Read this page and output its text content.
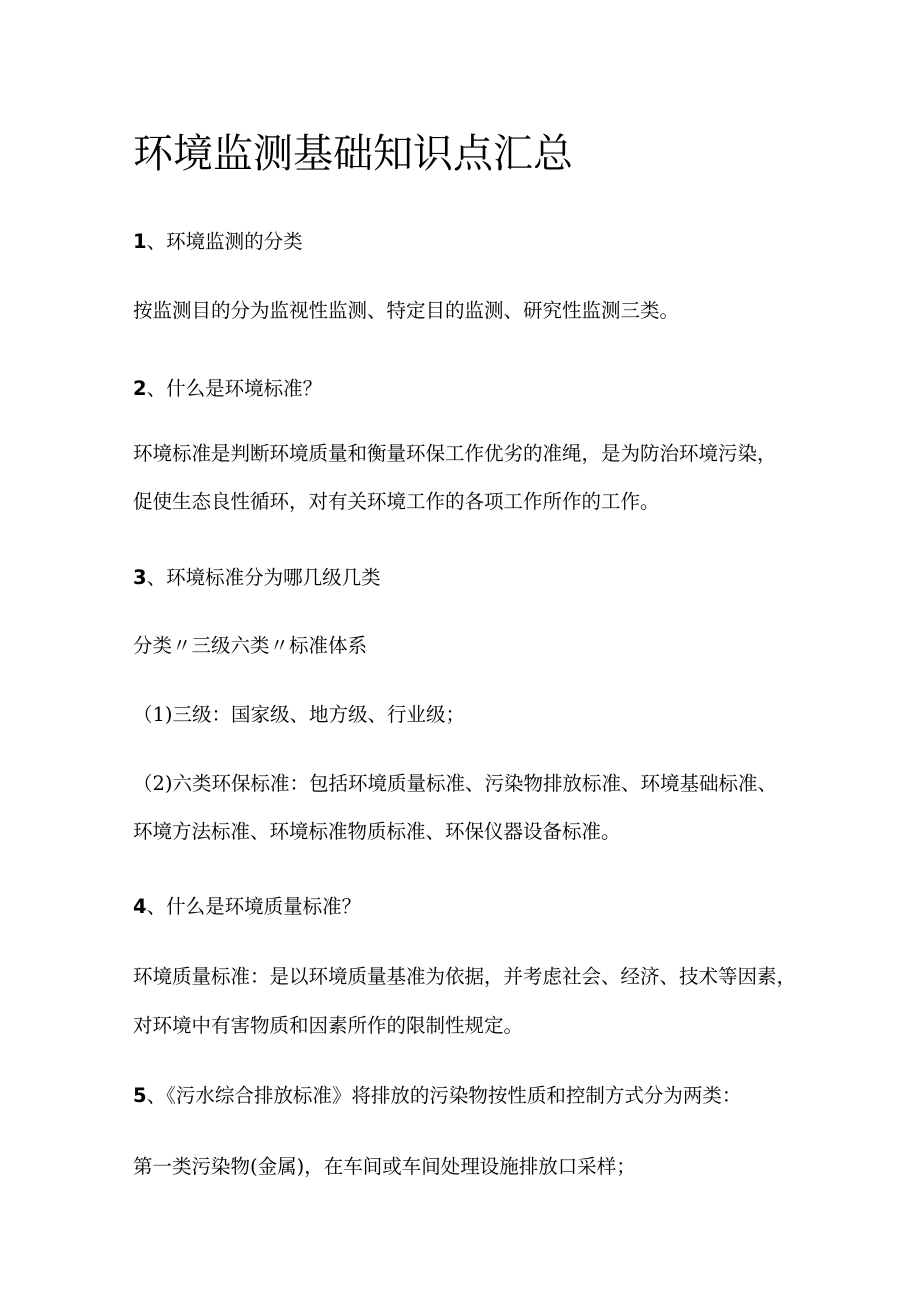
环境监测基础知识点汇总

1、环境监测的分类

按监测目的分为监视性监测、特定目的监测、研究性监测三类。

2、什么是环境标准？

环境标准是判断环境质量和衡量环保工作优劣的准绳，是为防治环境污染，

促使生态良性循环，对有关环境工作的各项工作所作的工作。

3、环境标准分为哪几级几类

分类〃三级六类〃标准体系

（1)三级：国家级、地方级、行业级；

（2)六类环保标准：包括环境质量标准、污染物排放标准、环境基础标准、

环境方法标准、环境标准物质标准、环保仪器设备标准。

4、什么是环境质量标准？

环境质量标准：是以环境质量基准为依据，并考虑社会、经济、技术等因素，

对环境中有害物质和因素所作的限制性规定。

5、《污水综合排放标准》将排放的污染物按性质和控制方式分为两类：

第一类污染物(金属)，在车间或车间处理设施排放口采样；
